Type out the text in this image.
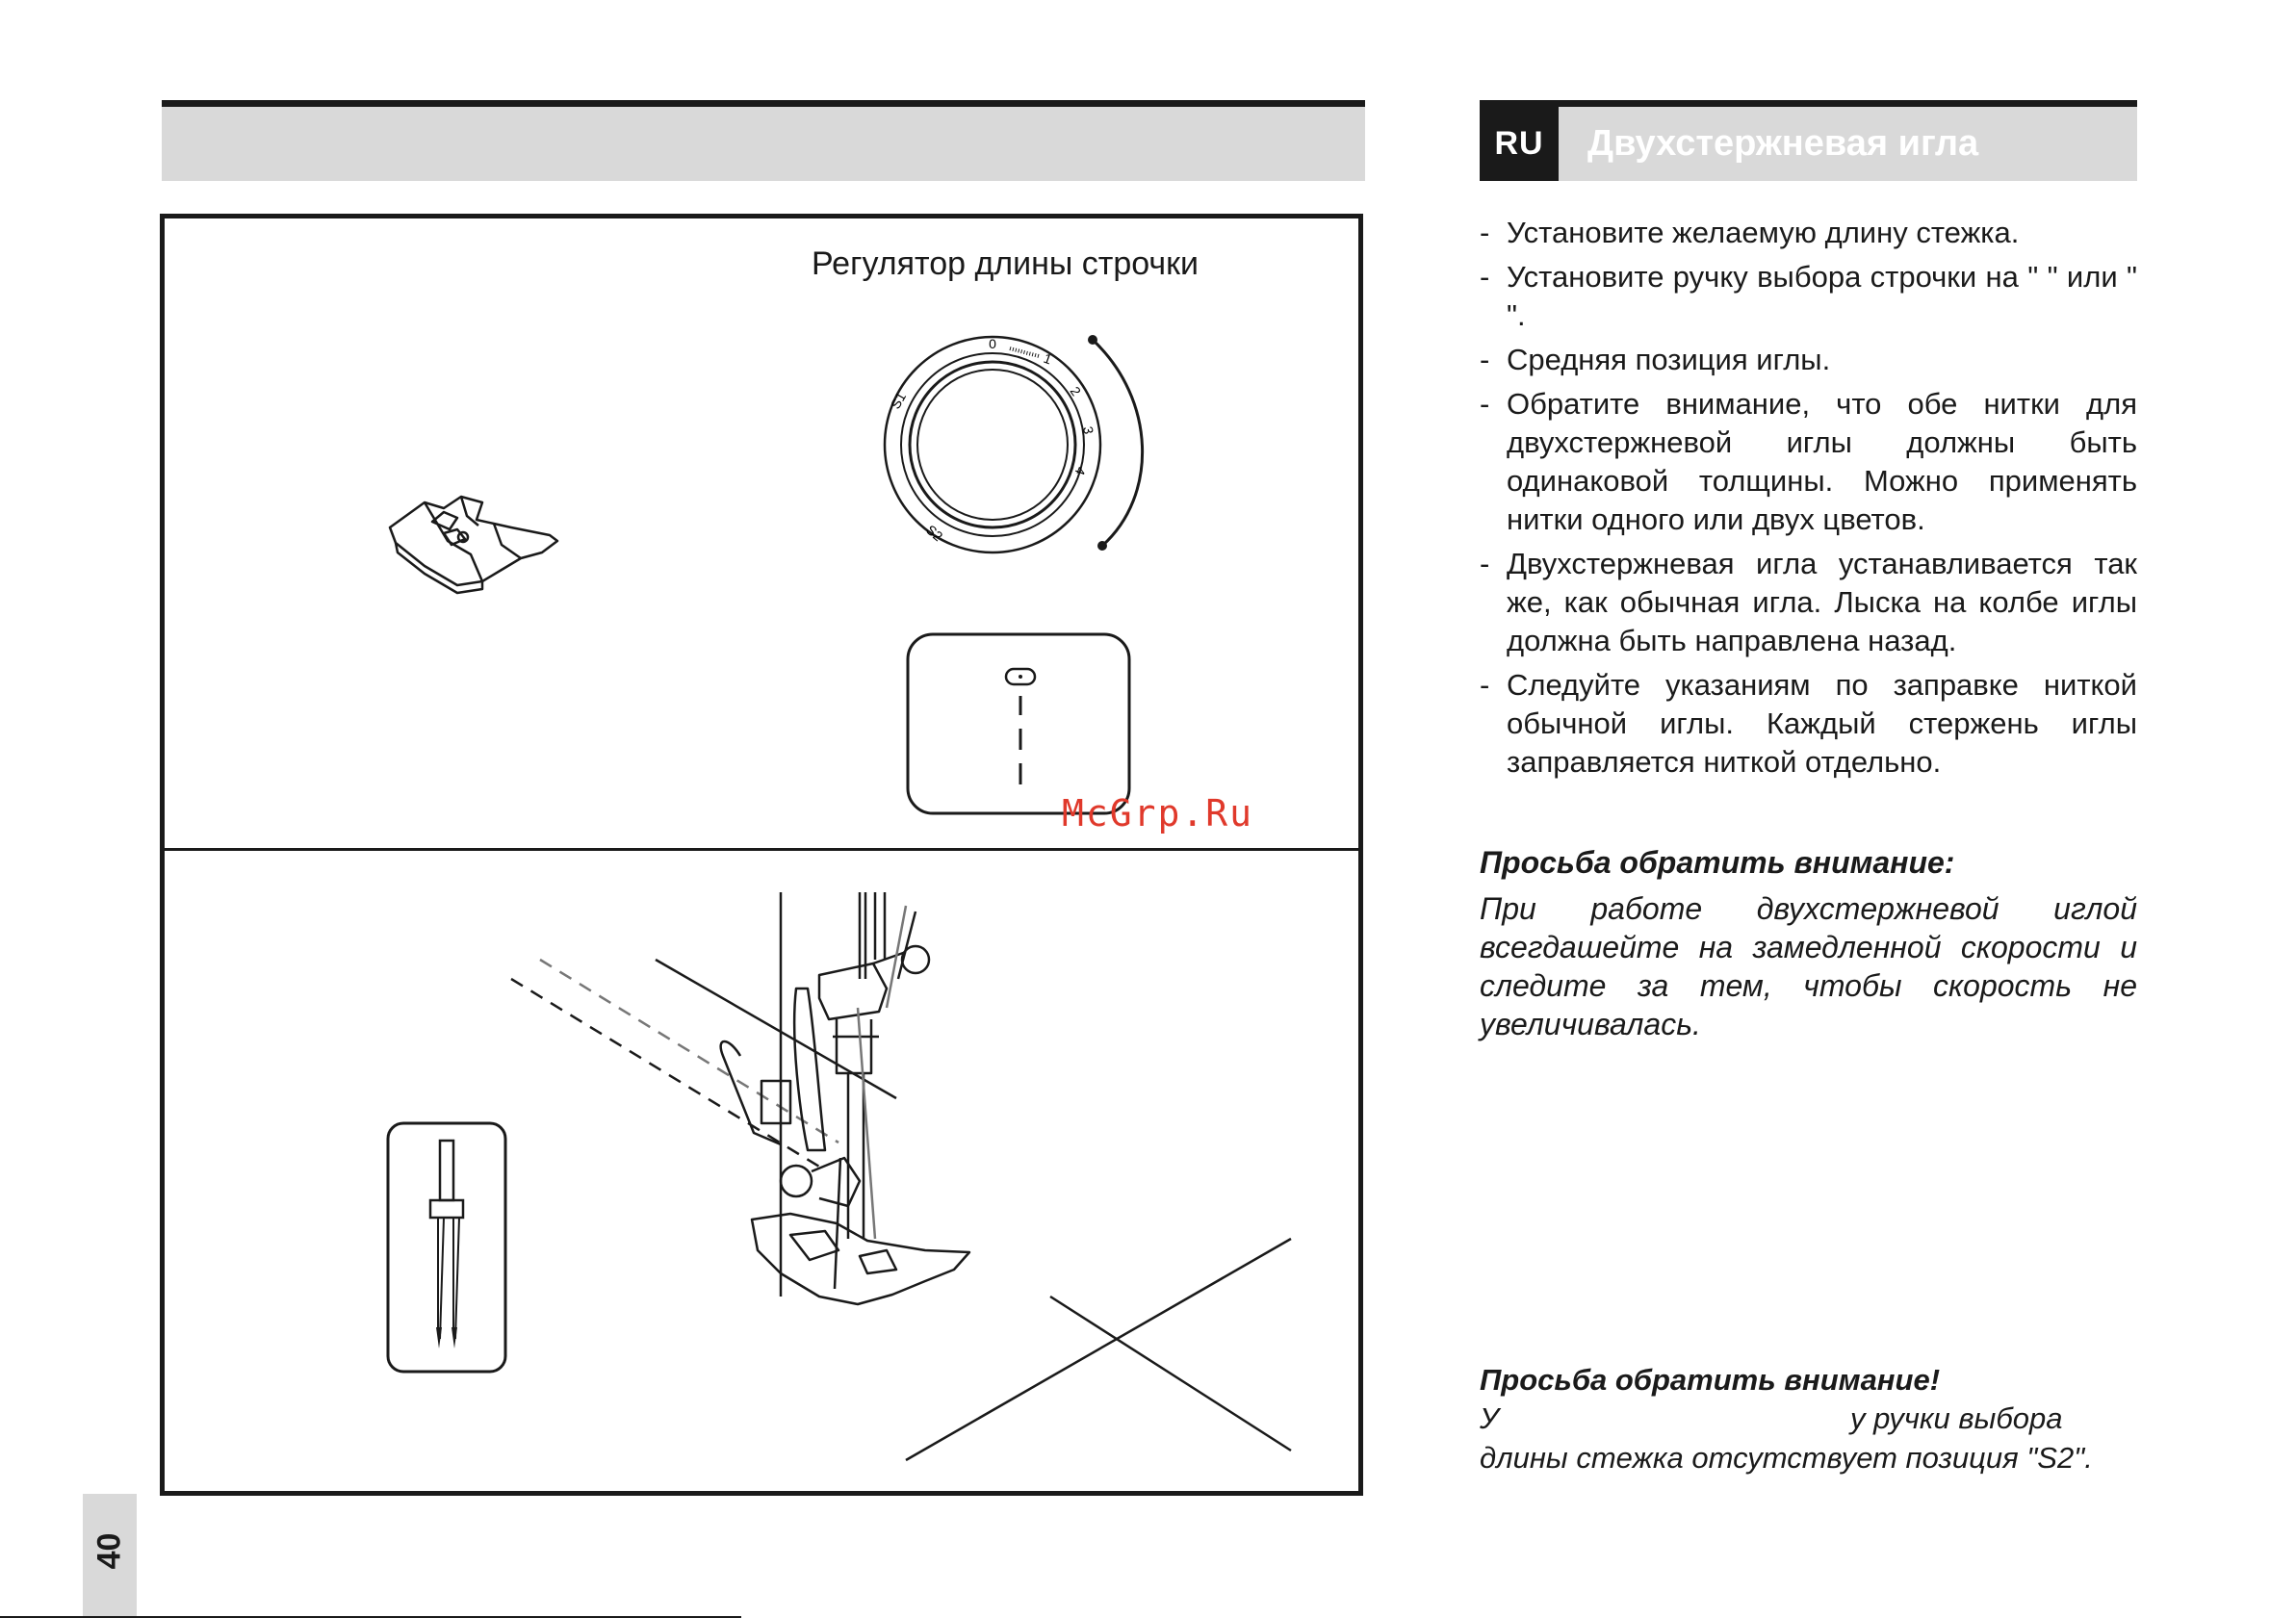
RU	Двухстержневая игла
Регулятор длины строчки
0
1
2
3
4
S1
S2
McGrp.Ru
- Установите желаемую длину стежка.
- Установите ручку выбора строчки на " " или " ".
- Средняя позиция иглы.
- Обратите внимание, что обе нитки для двухстержневой иглы должны быть одинаковой толщины. Можно применять нитки одного или двух цветов.
- Двухстержневая игла устанавливается так же, как обычная игла. Лыска на колбе иглы должна быть направлена назад.
- Следуйте указаниям по заправке ниткой обычной иглы. Каждый стержень иглы заправляется ниткой отдельно.
Просьба обратить внимание:
При работе двухстержневой иглой всегдашейте на замедленной скорости и следите за тем, чтобы скорость не увеличивалась.
Просьба обратить внимание!
У	у ручки выбора
длины стежка отсутствует позиция "S2".
40
